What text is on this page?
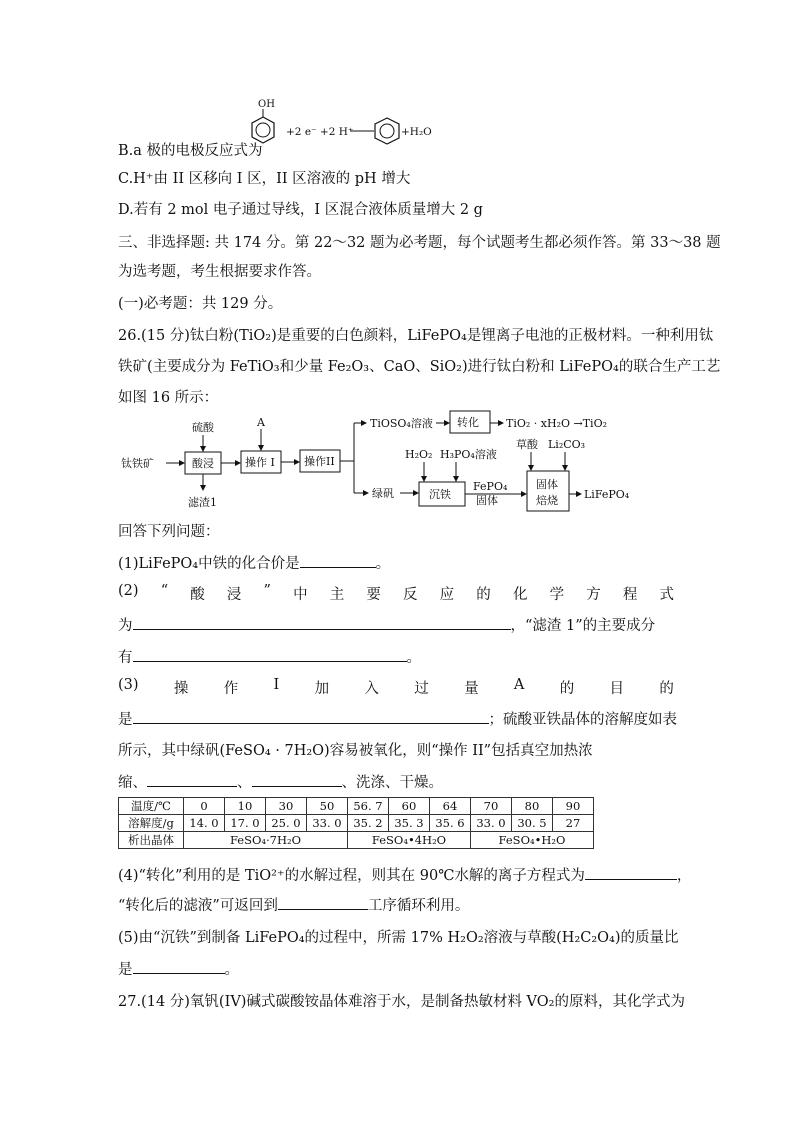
B.a 极的电极反应式为
OH
+2 e⁻ +2 H⁺	+H₂O
C.H⁺由 II 区移向 I 区，II 区溶液的 pH 增大
D.若有 2 mol 电子通过导线，I 区混合液体质量增大 2 g
三、非选择题: 共 174 分。第 22～32 题为必考题，每个试题考生都必须作答。第 33～38 题
为选考题，考生根据要求作答。
(一)必考题：共 129 分。
26.(15 分)钛白粉(TiO₂)是重要的白色颜料，LiFePO₄是锂离子电池的正极材料。一种利用钛
铁矿(主要成分为 FeTiO₃和少量 Fe₂O₃、CaO、SiO₂)进行钛白粉和 LiFePO₄的联合生产工艺
如图 16 所示：
钛铁矿
硫酸
酸浸
滤渣1
A
操作 I	操作II
TiOSO₄溶液 转化 TiO₂ · xH₂O →TiO₂
绿矾
H₂O₂ H₃PO₄溶液
沉铁
FePO₄
固体
草酸 Li₂CO₃
固体
焙烧 LiFePO₄
回答下列问题：
(1)LiFePO₄中铁的化合价是	。
(2) “ 酸 浸 ” 中 主 要 反 应 的 化 学 方 程 式
为	，“滤渣 1”的主要成分
有	。
(3) 操 作 I 加 入 过 量 A 的 目 的
是	；硫酸亚铁晶体的溶解度如表
所示，其中绿矾(FeSO₄ · 7H₂O)容易被氧化，则“操作 II”包括真空加热浓
缩、	、	、洗涤、干燥。
温度/℃	0	10	30	50	56. 7	60	64	70	80	90
溶解度/g	14. 0	17. 0	25. 0	33. 0	35. 2	35. 3	35. 6	33. 0	30. 5	27
析出晶体	FeSO₄·7H₂O				FeSO₄•4H₂O			FeSO₄•H₂O		
(4)“转化”利用的是 TiO²⁺的水解过程，则其在 90℃水解的离子方程式为	，
“转化后的滤液”可返回到	工序循环利用。
(5)由“沉铁”到制备 LiFePO₄的过程中，所需 17% H₂O₂溶液与草酸(H₂C₂O₄)的质量比
是	。
27.(14 分)氧钒(IV)碱式碳酸铵晶体难溶于水，是制备热敏材料 VO₂的原料，其化学式为
